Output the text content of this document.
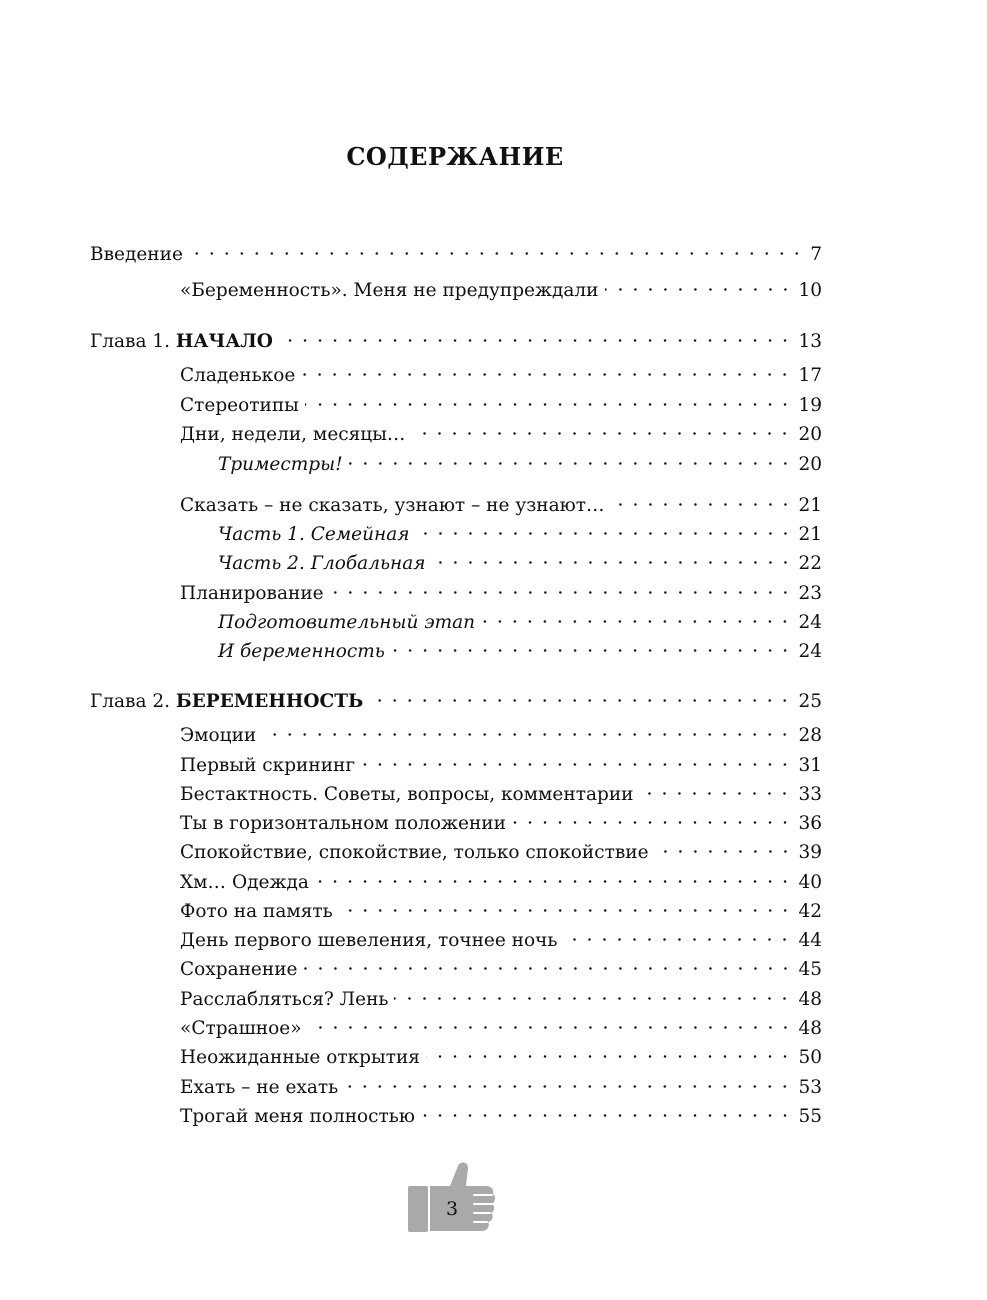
СОДЕРЖАНИЕ
Введение	7
«Беременность». Меня не предупреждали	10
Глава 1. НАЧАЛО	13
Сладенькое	17
Стереотипы	19
Дни, недели, месяцы…	20
Триместры!	20
Сказать – не сказать, узнают – не узнают…	21
Часть 1. Семейная	21
Часть 2. Глобальная	22
Планирование	23
Подготовительный этап	24
И беременность	24
Глава 2. БЕРЕМЕННОСТЬ	25
Эмоции	28
Первый скрининг	31
Бестактность. Советы, вопросы, комментарии	33
Ты в горизонтальном положении	36
Спокойствие, спокойствие, только спокойствие	39
Хм… Одежда	40
Фото на память	42
День первого шевеления, точнее ночь	44
Сохранение	45
Расслабляться? Лень	48
«Страшное»	48
Неожиданные открытия	50
Ехать – не ехать	53
Трогай меня полностью	55
3
